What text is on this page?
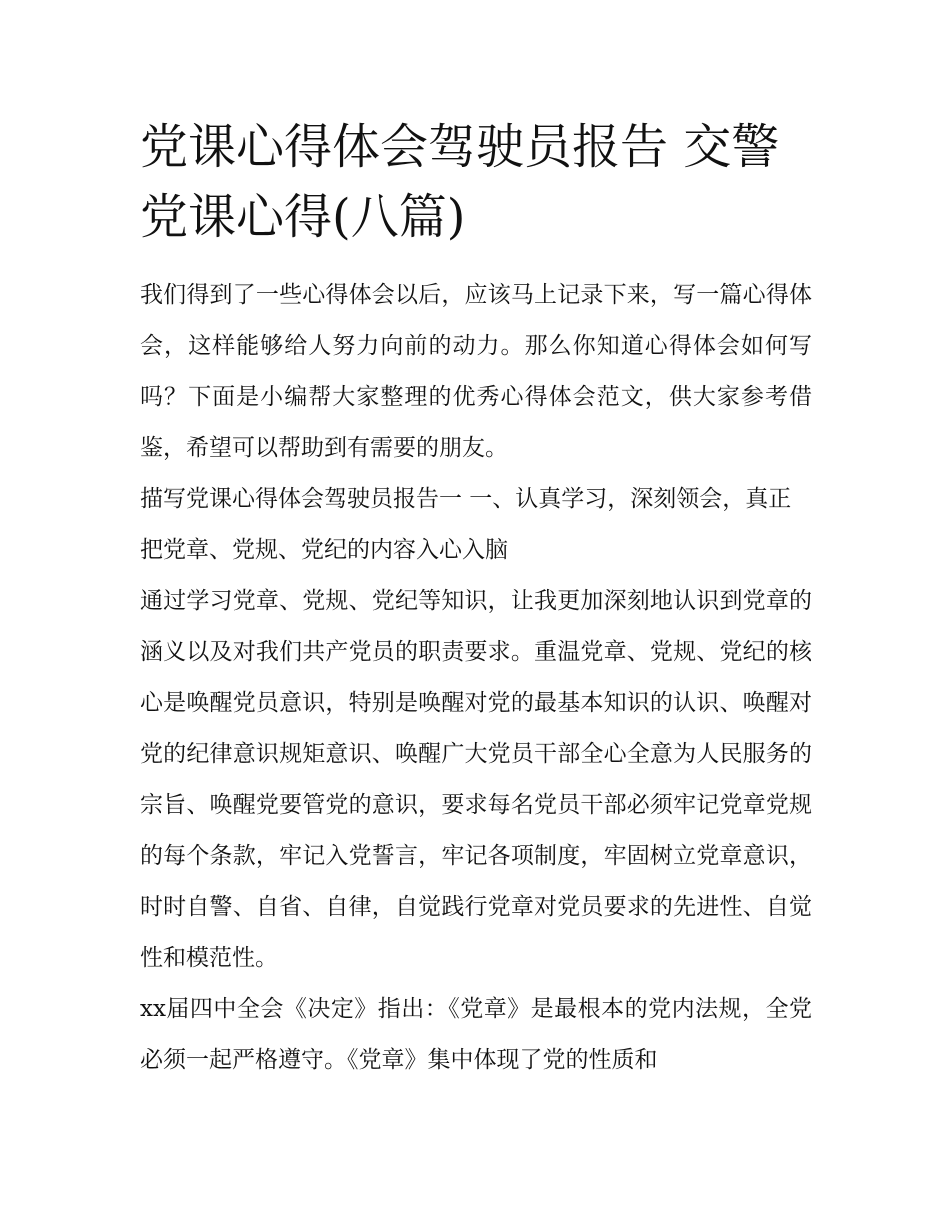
党课心得体会驾驶员报告 交警党课心得(八篇)

我们得到了一些心得体会以后，应该马上记录下来，写一篇心得体会，这样能够给人努力向前的动力。那么你知道心得体会如何写吗？下面是小编帮大家整理的优秀心得体会范文，供大家参考借鉴，希望可以帮助到有需要的朋友。

描写党课心得体会驾驶员报告一 一、认真学习，深刻领会，真正把党章、党规、党纪的内容入心入脑

通过学习党章、党规、党纪等知识，让我更加深刻地认识到党章的涵义以及对我们共产党员的职责要求。重温党章、党规、党纪的核心是唤醒党员意识，特别是唤醒对党的最基本知识的认识、唤醒对党的纪律意识规矩意识、唤醒广大党员干部全心全意为人民服务的宗旨、唤醒党要管党的意识，要求每名党员干部必须牢记党章党规的每个条款，牢记入党誓言，牢记各项制度，牢固树立党章意识，时时自警、自省、自律，自觉践行党章对党员要求的先进性、自觉性和模范性。

xx届四中全会《决定》指出：《党章》是最根本的党内法规，全党必须一起严格遵守。《党章》集中体现了党的性质和
